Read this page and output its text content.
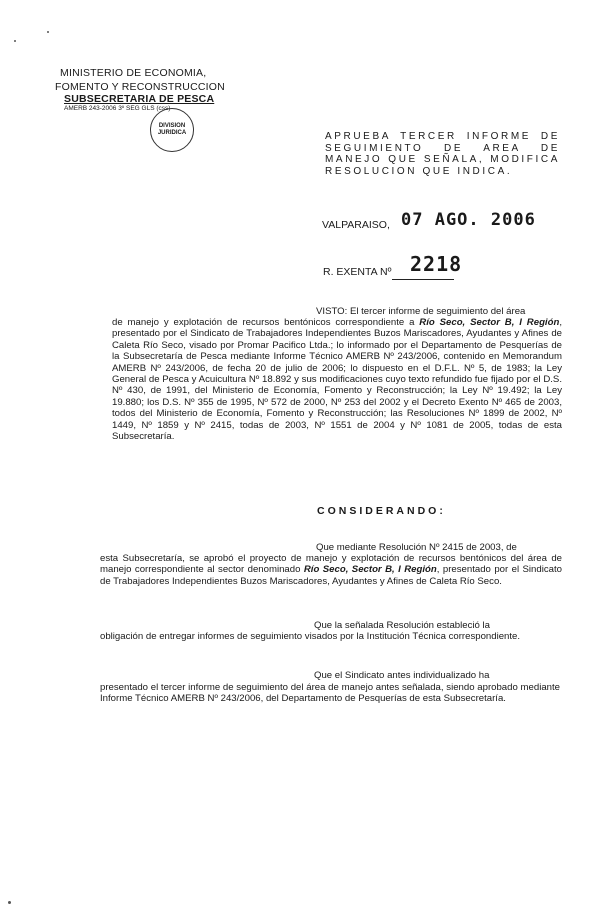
MINISTERIO DE ECONOMIA,
FOMENTO Y RECONSTRUCCION
SUBSECRETARIA DE PESCA
AMERB 243-2006 3º SEG GLS (css)
DIVISION
JURIDICA	APRUEBA TERCER INFORME DE SEGUIMIENTO DE AREA DE MANEJO QUE SEÑALA, MODIFICA RESOLUCION QUE INDICA.
VALPARAISO, 07 AGO. 2006
R. EXENTA Nº 2218
VISTO: El tercer informe de seguimiento del área
de manejo y explotación de recursos bentónicos correspondiente a Río Seco, Sector B, I Región, presentado por el Sindicato de Trabajadores Independientes Buzos Mariscadores, Ayudantes y Afines de Caleta Río Seco, visado por Promar Pacifico Ltda.; lo informado por el Departamento de Pesquerías de la Subsecretaría de Pesca mediante Informe Técnico AMERB Nº 243/2006, contenido en Memorandum AMERB Nº 243/2006, de fecha 20 de julio de 2006; lo dispuesto en el D.F.L. Nº 5, de 1983; la Ley General de Pesca y Acuicultura Nº 18.892 y sus modificaciones cuyo texto refundido fue fijado por el D.S. Nº 430, de 1991, del Ministerio de Economía, Fomento y Reconstrucción; la Ley Nº 19.492; la Ley 19.880; los D.S. Nº 355 de 1995, Nº 572 de 2000, Nº 253 del 2002 y el Decreto Exento Nº 465 de 2003, todos del Ministerio de Economía, Fomento y Reconstrucción; las Resoluciones Nº 1899 de 2002, Nº 1449, Nº 1859 y Nº 2415, todas de 2003, Nº 1551 de 2004 y Nº 1081 de 2005, todas de esta Subsecretaría.
CONSIDERANDO:
Que mediante Resolución Nº 2415 de 2003, de
esta Subsecretaría, se aprobó el proyecto de manejo y explotación de recursos bentónicos del área de manejo correspondiente al sector denominado Río Seco, Sector B, I Región, presentado por el Sindicato de Trabajadores Independientes Buzos Mariscadores, Ayudantes y Afines de Caleta Río Seco.
Que la señalada Resolución estableció la
obligación de entregar informes de seguimiento visados por la Institución Técnica correspondiente.
Que el Sindicato antes individualizado ha
presentado el tercer informe de seguimiento del área de manejo antes señalada, siendo aprobado mediante Informe Técnico AMERB Nº 243/2006, del Departamento de Pesquerías de esta Subsecretaría.
